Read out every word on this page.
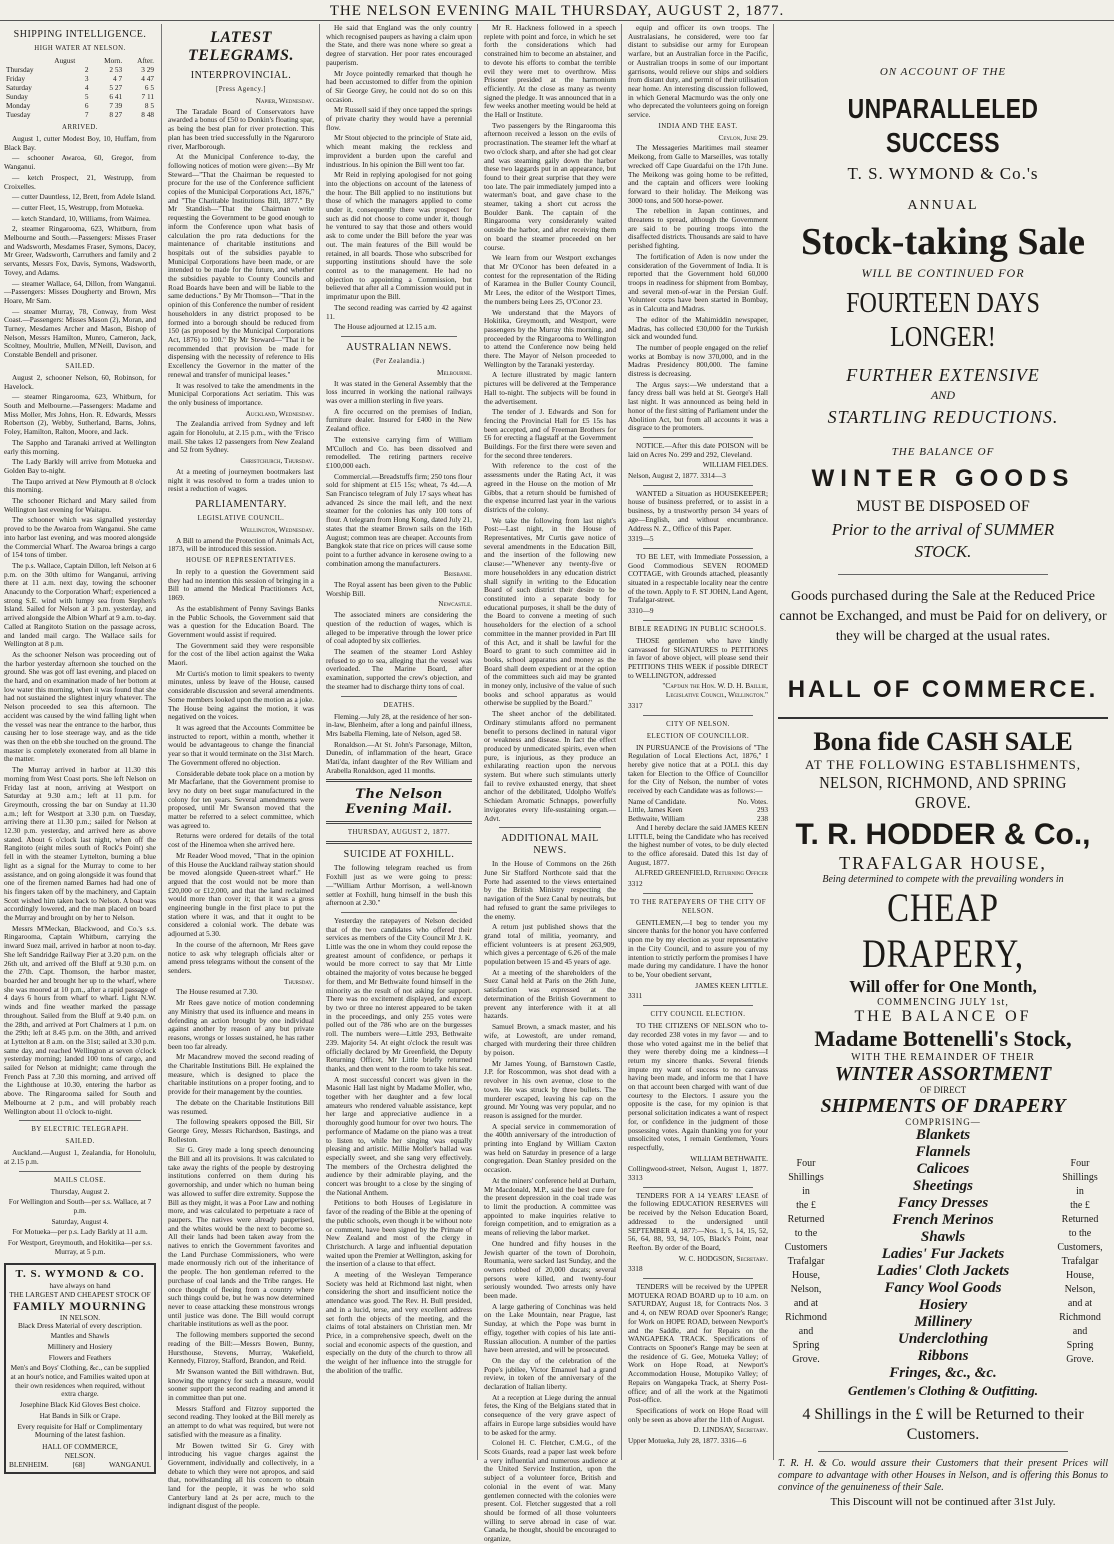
THE NELSON EVENING MAIL THURSDAY, AUGUST 2, 1877.
SHIPPING INTELLIGENCE.
HIGH WATER AT NELSON.
	August	Morn.	After.
Thursday	2	2 53	3 29
Friday	3	4 7	4 47
Saturday	4	5 27	6 5
Sunday	5	6 41	7 11
Monday	6	7 39	8 5
Tuesday	7	8 27	8 48
ARRIVED.

August 1, cutter Modest Boy, 10, Huffam, from Black Bay.

— schooner Awaroa, 60, Gregor, from Wanganui.

— ketch Prospect, 21, Westrupp, from Croixelles.

— cutter Dauntless, 12, Brett, from Adele Island.

— cutter Fleet, 15, Westrupp, from Motueka.

— ketch Standard, 10, Williams, from Waimea.

2, steamer Ringarooma, 623, Whitburn, from Melbourne and South.—Passengers: Misses Fraser and Wadsworth, Mesdames Fraser, Symons, Dacey, Mr Greer, Wadsworth, Carruthers and family and 2 servants, Messrs Fox, Davis, Symons, Wadsworth, Tovey, and Adams.

— steamer Wallace, 64, Dillon, from Wanganui.—Passengers: Misses Dougherty and Brown, Mrs Hoare, Mr Sam.

— steamer Murray, 78, Conway, from West Coast.—Passengers: Misses Mason (2), Moran, and Turney, Mesdames Archer and Mason, Bishop of Nelson, Messrs Hamilton, Munro, Cameron, Jack, Scoltney, Moultrie, Mullen, M'Neill, Davison, and Constable Bendell and prisoner.

SAILED.

August 2, schooner Nelson, 60, Robinson, for Havelock.

— steamer Ringarooma, 623, Whitburn, for South and Melbourne.—Passengers: Madame and Miss Moller, Mrs Johns, Hon. R. Edwards, Messrs Robertson (2), Webby, Sutherland, Barns, Johns, Foley, Hamilton, Ralton, Moore, and Jack.

The Sappho and Taranaki arrived at Wellington early this morning.

The Lady Barkly will arrive from Motueka and Golden Bay to-night.

The Taupo arrived at New Plymouth at 8 o'clock this morning.

The schooner Richard and Mary sailed from Wellington last evening for Waitapu.

The schooner which was signalled yesterday proved to be the Awaroa from Wanganui. She came into harbor last evening, and was moored alongside the Commercial Wharf. The Awaroa brings a cargo of 154 tons of timber.

The p.s. Wallace, Captain Dillon, left Nelson at 6 p.m. on the 30th ultimo for Wanganui, arriving there at 11 a.m. next day, towing the schooner Anacundy to the Corporation Wharf; experienced a strong S.E. wind with lumpy sea from Stephen's Island. Sailed for Nelson at 3 p.m. yesterday, and arrived alongside the Albion Wharf at 9 a.m. to-day. Called at Rangitoto Station on the passage across, and landed mail cargo. The Wallace sails for Wellington at 8 p.m.

As the schooner Nelson was proceeding out of the harbor yesterday afternoon she touched on the ground. She was got off last evening, and placed on the hard, and on examination made of her bottom at low water this morning, when it was found that she had not sustained the slightest injury whatever. The Nelson proceeded to sea this afternoon. The accident was caused by the wind falling light when the vessel was near the entrance to the harbor, thus causing her to lose steerage way, and as the tide was then on the ebb she touched on the ground. The master is completely exonerated from all blame in the matter.

The Murray arrived in harbor at 11.30 this morning from West Coast ports. She left Nelson on Friday last at noon, arriving at Westport on Saturday at 9.30 a.m.; left at 11 p.m. for Greymouth, crossing the bar on Sunday at 11.30 a.m.; left for Westport at 3.30 p.m. on Tuesday, arriving there at 11.30 p.m.; sailed for Nelson at 12.30 p.m. yesterday, and arrived here as above stated. About 6 o'clock last night, when off the Rangitoto (eight miles south of Rock's Point) she fell in with the steamer Lyttelton, burning a blue light as a signal for the Murray to come to her assistance, and on going alongside it was found that one of the firemen named Barnes had had one of his fingers taken off by the machinery, and Captain Scott wished him taken back to Nelson. A boat was accordingly lowered, and the man placed on board the Murray and brought on by her to Nelson.

Messrs M'Meckan, Blackwood, and Co.'s s.s. Ringarooma, Captain Whitburn, carrying the inward Suez mail, arrived in harbor at noon to-day. She left Sandridge Railway Pier at 3.20 p.m. on the 26th ult, and arrived off the Bluff at 9.30 p.m. on the 27th. Capt. Thomson, the harbor master, boarded her and brought her up to the wharf, where she was moored at 10 p.m., after a rapid passage of 4 days 6 hours from wharf to wharf. Light N.W. winds and fine weather marked the passage throughout. Sailed from the Bluff at 9.40 p.m. on the 28th, and arrived at Port Chalmers at 1 p.m. on the 29th; left at 8.45 p.m. on the 30th, and arrived at Lyttelton at 8 a.m. on the 31st; sailed at 3.30 p.m. same day, and reached Wellington at seven o'clock yesterday morning; landed 100 tons of cargo, and sailed for Nelson at midnight; came through the French Pass at 7.30 this morning, and arrived off the Lighthouse at 10.30, entering the harbor as above. The Ringarooma sailed for South and Melbourne at 2 p.m., and will probably reach Wellington about 11 o'clock to-night.

BY ELECTRIC TELEGRAPH.
SAILED.

Auckland.—August 1, Zealandia, for Honolulu, at 2.15 p.m.

MAILS CLOSE.

Thursday, August 2.

For Wellington and South—per s.s. Wallace, at 7 p.m.

Saturday, August 4.

For Motueka—per p.s. Lady Barkly at 11 a.m.

For Westport, Greymouth, and Hokitika—per s.s. Murray, at 5 p.m.

T. S. WYMOND & CO.
have always on hand
THE LARGEST AND CHEAPEST STOCK OF
FAMILY MOURNING
IN NELSON.

Black Dress Material of every description.

Mantles and Shawls

Millinery and Hosiery

Flowers and Feathers

Men's and Boys' Clothing, &c., can be supplied at an hour's notice, and Families waited upon at their own residences when required, without extra charge.

Josephine Black Kid Gloves Best choice.

Hat Bands in Silk or Crape.

Every requisite for Half or Complimentary Mourning of the latest fashion.

HALL OF COMMERCE,
NELSON.
BLENHEIM.	[68]	WANGANUI.
LATEST TELEGRAMS.
INTERPROVINCIAL.
[Press Agency.]

Napier, Wednesday.

The Taradale Board of Conservators have awarded a bonus of £50 to Donkin's floating spar, as being the best plan for river protection. This plan has been tried successfully in the Ngaruroro river, Marlborough.

At the Municipal Conference to-day, the following notices of motion were given:—By Mr Steward—"That the Chairman be requested to procure for the use of the Conference sufficient copies of the Municipal Corporations Act, 1876," and "The Charitable Institutions Bill, 1877." By Mr Standish—"That the Chairman write requesting the Government to be good enough to inform the Conference upon what basis of calculation the pro rata deductions for the maintenance of charitable institutions and hospitals out of the subsidies payable to Municipal Corporations have been made, or are intended to be made for the future, and whether the subsidies payable to County Councils and Road Boards have been and will be liable to the same deductions." By Mr Thomson—"That in the opinion of this Conference the number of resident householders in any district proposed to be formed into a borough should be reduced from 150 (as proposed by the Municipal Corporations Act, 1876) to 100." By Mr Steward—"That it be recommended that provision be made for dispensing with the necessity of reference to His Excellency the Governor in the matter of the renewal and transfer of municipal leases."

It was resolved to take the amendments in the Municipal Corporations Act seriatim. This was the only business of importance.

Auckland, Wednesday.

The Zealandia arrived from Sydney and left again for Honolulu, at 2.15 p.m., with the 'Frisco mail. She takes 12 passengers from New Zealand and 52 from Sydney.

Christchurch, Thursday.

At a meeting of journeymen bootmakers last night it was resolved to form a trades union to resist a reduction of wages.

PARLIAMENTARY.
LEGISLATIVE COUNCIL.

Wellington, Wednesday.

A Bill to amend the Protection of Animals Act, 1873, will be introduced this session.

HOUSE OF REPRESENTATIVES.

In reply to a question the Government said they had no intention this session of bringing in a Bill to amend the Medical Practitioners Act, 1869.

As the establishment of Penny Savings Banks in the Public Schools, the Government said that was a question for the Education Board. The Government would assist if required.

The Government said they were responsible for the cost of the libel action against the Waka Maori.

Mr Curtis's motion to limit speakers to twenty minutes, unless by leave of the House, caused considerable discussion and several amendments. Some members looked upon the motion as a joke. The House being against the motion, it was negatived on the voices.

It was agreed that the Accounts Committee be instructed to report, within a month, whether it would be advantageous to change the financial year so that it would terminate on the 31st March. The Government offered no objection.

Considerable debate took place on a motion by Mr Macfarlane, that the Government promise to levy no duty on beet sugar manufactured in the colony for ten years. Several amendments were proposed, until Mr Swanson moved that the matter be referred to a select committee, which was agreed to.

Returns were ordered for details of the total cost of the Hinemoa when she arrived here.

Mr Reader Wood moved, "That in the opinion of this House the Auckland railway station should be moved alongside Queen-street wharf." He argued that the cost would not be more than £20,000 or £12,000, and that the land reclaimed would more than cover it; that it was a gross engineering bungle in the first place to put the station where it was, and that it ought to be considered a colonial work. The debate was adjourned at 5.30.

In the course of the afternoon, Mr Rees gave notice to ask why telegraph officials alter or amend press telegrams without the consent of the senders.

Thursday.

The House resumed at 7.30.

Mr Rees gave notice of motion condemning any Ministry that used its influence and means in defending an action brought by one individual against another by reason of any but private reasons, wrongs or losses sustained, he has rather been too far already.

Mr Macandrew moved the second reading of the Charitable Institutions Bill. He explained the measure, which is designed to place the charitable institutions on a proper footing, and to provide for their management by the counties.

The debate on the Charitable Institutions Bill was resumed.

The following speakers opposed the Bill, Sir George Grey, Messrs Richardson, Bastings, and Rolleston.

Sir G. Grey made a long speech denouncing the Bill and all its provisions. It was calculated to take away the rights of the people by destroying institutions conferred on them during his governorship, and under which no human being was allowed to suffer dire extremity. Suppose the Bill as they might, it was a Poor Law and nothing more, and was calculated to perpetuate a race of paupers. The natives were already pauperised, and the whites would be the next to become so. All their lands had been taken away from the natives to enrich the Government favorites and the Land Purchase Commissioners, who were made enormously rich out of the inheritance of the people. The hon gentleman referred to the purchase of coal lands and the Tribe ranges. He once thought of fleeing from a country where such things could be, but he was now determined never to cease attacking these monstrous wrongs until justice was done. The Bill would corrupt charitable institutions as well as the poor.

The following members supported the second reading of the Bill:—Messrs Bowen, Bunny, Hursthouse, Stevens, Murray, Wakefield, Kennedy, Fitzroy, Stafford, Brandon, and Reid.

Mr Swanson wanted the Bill withdrawn. But, knowing the urgency for such a measure, would sooner support the second reading and amend it in committee than put one.

Messrs Stafford and Fitzroy supported the second reading. They looked at the Bill merely as an attempt to do what was required, but were not satisfied with the measure as a finality.

Mr Bowen twitted Sir G. Grey with introducing his vague charges against the Government, individually and collectively, in a debate to which they were not apropos, and said that, notwithstanding all his concern to obtain land for the people, it was he who sold Canterbury land at 2s per acre, much to the indignant disgust of the people.

He said that England was the only country which recognised paupers as having a claim upon the State, and there was none where so great a degree of starvation. Her poor rates encouraged pauperism.

Mr Joyce pointedly remarked that though he had been accustomed to differ from the opinion of Sir George Grey, he could not do so on this occasion.

Mr Russell said if they once tapped the springs of private charity they would have a perennial flow.

Mr Stout objected to the principle of State aid, which meant making the reckless and improvident a burden upon the careful and industrious. In his opinion the Bill went too far.

Mr Reid in replying apologised for not going into the objections on account of the lateness of the hour. The Bill applied to no institutions but those of which the managers applied to come under it, consequently there was prospect for such as did not choose to come under it, though he ventured to say that those and others would ask to come under the Bill before the year was out. The main features of the Bill would be retained, in all boards. Those who subscribed for supporting institutions should have the sole control as to the management. He had no objection to appointing a Commission, but believed that after all a Commission would put in imprimatur upon the Bill.

The second reading was carried by 42 against 11.

The House adjourned at 12.15 a.m.

AUSTRALIAN NEWS.
(Per Zealandia.)

Melbourne.

It was stated in the General Assembly that the loss incurred in working the national railways was over a million sterling in five years.

A fire occurred on the premises of Indian, furniture dealer. Insured for £400 in the New Zealand office.

The extensive carrying firm of William M'Culloch and Co. has been dissolved and remodelled. The retiring partners receive £100,000 each.

Commercial.—Breadstuffs firm; 250 tons flour sold for shipment at £15 15s; wheat, 7s 4d.—A San Francisco telegram of July 17 says wheat has advanced 2s since the mail left, and the next steamer for the colonies has only 100 tons of flour. A telegram from Hong Kong, dated July 21, states that the steamer Brown sails on the 16th August; common teas are cheaper. Accounts from Bangkok state that rice on prices will cause some point to a further advance in kerosene owing to a combination among the manufacturers.

Brisbane.

The Royal assent has been given to the Public Worship Bill.

Newcastle.

The associated miners are considering the question of the reduction of wages, which is alleged to be imperative through the lower price of coal adopted by six collieries.

The seamen of the steamer Lord Ashley refused to go to sea, alleging that the vessel was overloaded. The Marine Board, after examination, supported the crew's objection, and the steamer had to discharge thirty tons of coal.

DEATHS.

Fleming.—July 28, at the residence of her son-in-law, Blenheim, after a long and painful illness, Mrs Isabella Fleming, late of Nelson, aged 58.

Ronaldson.—At St. John's Parsonage, Milton, Dunedin, of inflammation of the heart, Grace Mati'da, infant daughter of the Rev William and Arabella Ronaldson, aged 11 months.

The Nelson Evening Mail.
THURSDAY, AUGUST 2, 1877.
SUICIDE AT FOXHILL.

The following telegram reached us from Foxhill just as we were going to press:—"William Arthur Morrison, a well-known settler at Foxhill, hung himself in the bush this afternoon at 2.30."

Yesterday the ratepayers of Nelson decided that of the two candidates who offered their services as members of the City Council Mr J. K. Little was the one in whom they could repose the greatest amount of confidence, or perhaps it would be more correct to say that Mr Little obtained the majority of votes because he begged for them, and Mr Bethwaite found himself in the minority as the result of not asking for support. There was no excitement displayed, and except by two or three no interest appeared to be taken in the proceedings, and only 255 votes were polled out of the 786 who are on the burgesses roll. The numbers were—Little 293, Bethwaite 239. Majority 54. At eight o'clock the result was officially declared by Mr Greenfield, the Deputy Returning Officer, Mr Little briefly returned thanks, and then went to the room to take his seat.

A most successful concert was given in the Masonic Hall last night by Madame Moller, who, together with her daughter and a few local amateurs who rendered valuable assistance, kept her large and appreciative audience in a thoroughly good humour for over two hours. The performance of Madame on the piano was a treat to listen to, while her singing was equally pleasing and artistic. Millie Moller's ballad was especially sweet, and she sang very effectively. The members of the Orchestra delighted the audience by their admirable playing, and the concert was brought to a close by the singing of the National Anthem.

Petitions to both Houses of Legislature in favor of the reading of the Bible at the opening of the public schools, even though it be without note or comment, have been signed by the Primate of New Zealand and most of the clergy in Christchurch. A large and influential deputation waited upon the Premier at Wellington, asking for the insertion of a clause to that effect.

A meeting of the Wesleyan Temperance Society was held at Richmond last night, when considering the short and insufficient notice the attendance was good. The Rev. H. Bull presided, and in a lucid, terse, and very excellent address set forth the objects of the meeting, and the claims of total abstainers on Christian men. Mr Price, in a comprehensive speech, dwelt on the social and economic aspects of the question, and especially on the duty of the church to throw all the weight of her influence into the struggle for the abolition of the traffic.

Mr R. Hackness followed in a speech replete with point and force, in which he set forth the considerations which had constrained him to become an abstainer, and to devote his efforts to combat the terrible evil they were met to overthrow. Miss Prisoner presided at the harmonium efficiently. At the close as many as twenty signed the pledge. It was announced that in a few weeks another meeting would be held at the Hall or Institute.

Two passengers by the Ringarooma this afternoon received a lesson on the evils of procrastination. The steamer left the wharf at two o'clock sharp, and after she had got clear and was steaming gaily down the harbor these two laggards put in an appearance, but found to their great surprise that they were too late. The pair immediately jumped into a waterman's boat, and gave chase to the steamer, taking a short cut across the Boulder Bank. The captain of the Ringarooma very considerately waited outside the harbor, and after receiving them on board the steamer proceeded on her course.

We learn from our Westport exchanges that Mr O'Conor has been defeated in a contest for the representation of the Riding of Karamea in the Buller County Council, Mr Lees, the editor of the Westport Times, the numbers being Lees 25, O'Conor 23.

We understand that the Mayors of Hokitika, Greymouth, and Westport, were passengers by the Murray this morning, and proceeded by the Ringarooma to Wellington to attend the Conference now being held there. The Mayor of Nelson proceeded to Wellington by the Taranaki yesterday.

A lecture illustrated by magic lantern pictures will be delivered at the Temperance Hall to-night. The subjects will be found in the advertisement.

The tender of J. Edwards and Son for fencing the Provincial Hall for £5 15s has been accepted, and of Freeman Brothers for £6 for erecting a flagstaff at the Government Buildings. For the first there were seven and for the second three tenderers.

With reference to the cost of the assessments under the Rating Act, it was agreed in the House on the motion of Mr Gibbs, that a return should be furnished of the expense incurred last year in the various districts of the colony.

We take the following from last night's Post:—Last night, in the House of Representatives, Mr Curtis gave notice of several amendments in the Education Bill, and the insertion of the following new clause:—"Whenever any twenty-five or more householders in any education district shall signify in writing to the Education Board of such district their desire to be constituted into a separate body for educational purposes, it shall be the duty of the Board to convene a meeting of such householders for the election of a school committee in the manner provided in Part III of this Act, and it shall be lawful for the Board to grant to such committee aid in books, school apparatus and money as the Board shall deem expedient or at the option of the committees such aid may be granted in money only, inclusive of the value of such books and school apparatus as would otherwise be supplied by the Board."

The sheet anchor of the debilitated. Ordinary stimulants afford no permanent benefit to persons declined in natural vigor or weakness and disease. In fact the effect produced by unmedicated spirits, even when pure, is injurious, as they produce an exhilarating reaction upon the nervous system. But where such stimulants utterly fail to revive exhausted energy, that sheet anchor of the debilitated, Udolpho Wolfe's Schiedam Aromatic Schnapps, powerfully invigorates every life-sustaining organ.—Advt.

ADDITIONAL MAIL NEWS.

In the House of Commons on the 26th June Sir Stafford Northcote said that the Porte had assented to the views entertained by the British Ministry respecting the navigation of the Suez Canal by neutrals, but had refused to grant the same privileges to the enemy.

A return just published shows that the grand total of militia, yeomanry, and efficient volunteers is at present 263,909, which gives a percentage of 6.26 of the male population between 15 and 45 years of age.

At a meeting of the shareholders of the Suez Canal held at Paris on the 26th June, satisfaction was expressed at the determination of the British Government to prevent any interference with it at all hazards.

Samuel Brown, a smack master, and his wife, at Lowestoft, are under remand, charged with murdering their three children by poison.

Mr James Young, of Barnstown Castle, J.P. for Roscommon, was shot dead with a revolver in his own avenue, close to the town. He was struck by three bullets. The murderer escaped, leaving his cap on the ground. Mr Young was very popular, and no reason is assigned for the murder.

A special service in commemoration of the 400th anniversary of the introduction of printing into England by William Caxton was held on Saturday in presence of a large congregation. Dean Stanley presided on the occasion.

At the miners' conference held at Durham, Mr Macdonald, M.P., said the best cure for the present depression in the coal trade was to limit the production. A committee was appointed to make inquiries relative to foreign competition, and to emigration as a means of relieving the labor market.

One hundred and fifty houses in the Jewish quarter of the town of Dorohoin, Roumania, were sacked last Sunday, and the owners robbed of 20,000 ducats; several persons were killed, and twenty-four seriously wounded. Two arrests only have been made.

A large gathering of Conchinas was held on the Lake Mountain, near Prague, last Sunday, at which the Pope was burnt in effigy, together with copies of his late anti-Russian allocution. A number of the parties have been arrested, and will be prosecuted.

On the day of the celebration of the Pope's jubilee, Victor Emanuel had a grand review, in token of the anniversary of the declaration of Italian liberty.

At a reception at Liege during the annual fetes, the King of the Belgians stated that in consequence of the very grave aspect of affairs in Europe large subsidies would have to be asked for the army.

Colonel H. C. Fletcher, C.M.G., of the Scots Guards, read a paper last week before a very influential and numerous audience at the United Service Institution, upon the subject of a volunteer force, British and colonial in the event of war. Many gentlemen connected with the colonies were present. Col. Fletcher suggested that a roll should be formed of all those volunteers willing to serve abroad in case of war. Canada, he thought, should be encouraged to organize,

equip and officer its own troops. The Australasians, he considered, were too far distant to subsidise our army for European warfare, but an Australian force in the Pacific, or Australian troops in some of our important garrisons, would relieve our ships and soldiers from distant duty, and permit of their utilisation near home. An interesting discussion followed, in which General Macmurdo was the only one who deprecated the volunteers going on foreign service.

INDIA AND THE EAST.

Ceylon, June 29.

The Messageries Maritimes mail steamer Meikong, from Galle to Marseilles, was totally wrecked off Cape Guardafui on the 17th June. The Meikong was going home to be refitted, and the captain and officers were looking forward to their holiday. The Meikong was 3000 tons, and 500 horse-power.

The rebellion in Japan continues, and threatens to spread, although the Government are said to be pouring troops into the disaffected districts. Thousands are said to have perished fighting.

The fortification of Aden is now under the consideration of the Government of India. It is reported that the Government hold 60,000 troops in readiness for shipment from Bombay, and several men-of-war in the Persian Gulf. Volunteer corps have been started in Bombay, as in Calcutta and Madras.

The editor of the Mahimiddin newspaper, Madras, has collected £30,000 for the Turkish sick and wounded fund.

The number of people engaged on the relief works at Bombay is now 370,000, and in the Madras Presidency 800,000. The famine distress is decreasing.

The Argus says:—We understand that a fancy dress ball was held at St. George's Hall last night. It was announced as being held in honor of the first sitting of Parliament under the Abolition Act, but from all accounts it was a disgrace to the promoters.

NOTICE.—After this date POISON will be laid on Acres No. 299 and 292, Cleveland.

WILLIAM FIELDES.

Nelson, August 2, 1877. 3314—3

WANTED a Situation as HOUSEKEEPER; house of business preferred, or to assist in a business, by a trustworthy person 34 years of age—English, and without encumbrance. Address N. Z., Office of this Paper.

3319—5

TO BE LET, with Immediate Possession, a Good Commodious SEVEN ROOMED COTTAGE, with Grounds attached, pleasantly situated in a respectable locality near the centre of the town. Apply to F. ST JOHN, Land Agent, Trafalgar-street.

3310—9

BIBLE READING IN PUBLIC SCHOOLS.

THOSE gentlemen who have kindly canvassed for SIGNATURES to PETITIONS in favor of above object, will please send their PETITIONS THIS WEEK if possible DIRECT to WELLINGTON, addressed

"Captain the Hon. W. D. H. Baillie, Legislative Council, Wellington."

3317

CITY OF NELSON.
ELECTION OF COUNCILLOR.

IN PURSUANCE of the Provisions of "The Regulation of Local Elections Act, 1876," I hereby give notice that at a POLL this day taken for Election to the Office of Councillor for the City of Nelson, the number of votes received by each Candidate was as follows:—

Name of Candidate.	No. Votes.
Little, James Keen	293
Bethwaite, William	238

And I hereby declare the said JAMES KEEN LITTLE, being the Candidate who has received the highest number of votes, to be duly elected to the office aforesaid. Dated this 1st day of August, 1877.

ALFRED GREENFIELD, Returning Officer

3312

TO THE RATEPAYERS OF THE CITY OF NELSON.

GENTLEMEN,—I beg to tender you my sincere thanks for the honor you have conferred upon me by my election as your representative in the City Council, and to assure you of my intention to strictly perform the promises I have made during my candidature. I have the honor to be, Your obedient servant,

JAMES KEEN LITTLE.

3311

CITY COUNCIL ELECTION.

TO THE CITIZENS OF NELSON who to-day recorded 238 votes in my favor — and to those who voted against me in the belief that they were thereby doing me a kindness—I return my sincere thanks. Several friends impute my want of success to no canvass having been made, and inform me that I have on that account been charged with want of due courtesy to the Electors. I assure you the opposite is the case, for my opinion is that personal solicitation indicates a want of respect for, or confidence in the judgment of those possessing votes. Again thanking you for your unsolicited votes, I remain Gentlemen, Yours respectfully,

WILLIAM BETHWAITE.

Collingwood-street, Nelson, August 1, 1877. 3313

TENDERS FOR A 14 YEARS' LEASE of the following EDUCATION RESERVES will be received by the Nelson Education Board, addressed to the undersigned until SEPTEMBER 4, 1877:—Nos. 1, 5, 14, 15, 52, 56, 64, 88, 93, 94, 105, Black's Point, near Reefton. By order of the Board,

W. C. HODGSON, Secretary.

3318

TENDERS will be received by the UPPER MOTUEKA ROAD BOARD up to 10 a.m. on SATURDAY, August 18, for Contracts Nos. 3 and 4, on NEW ROAD over Spooner's Range; for Work on HOPE ROAD, between Newport's and the Saddle, and for Repairs on the WANGAPEKA TRACK. Specifications of Contracts on Spooner's Range may be seen at the residence of G. Gee, Motueka Valley; of Work on Hope Road, at Newport's Accommodation House, Motupiko Valley; of Repairs on Wangapeka Track, at Sherry Post-office; and of all the work at the Ngatimoti Post-office.

Specifications of work on Hope Road will only be seen as above after the 11th of August.

D. LINDSAY, Secretary.

Upper Motueka, July 28, 1877. 3316—6

ON ACCOUNT OF THE

UNPARALLELED SUCCESS

T. S. WYMOND & Co.'s

ANNUAL

Stock-taking Sale

WILL BE CONTINUED FOR

FOURTEEN DAYS LONGER!

FURTHER EXTENSIVE

AND

STARTLING REDUCTIONS.

THE BALANCE OF

WINTER GOODS

MUST BE DISPOSED OF

Prior to the arrival of SUMMER

STOCK.

Goods purchased during the Sale at the Reduced Price cannot be Exchanged, and must be Paid for on delivery, or they will be charged at the usual rates.

HALL OF COMMERCE.

Bona fide CASH SALE

AT THE FOLLOWING ESTABLISHMENTS,

NELSON, RICHMOND, AND SPRING GROVE.

T. R. HODDER & Co.,

TRAFALGAR HOUSE,

Being determined to compete with the prevailing wonders in

CHEAP DRAPERY,

Will offer for One Month,

COMMENCING JULY 1st,

THE BALANCE OF

Madame Bottenelli's Stock,

WITH THE REMAINDER OF THEIR

WINTER ASSORTMENT

OF DIRECT

SHIPMENTS OF DRAPERY

COMPRISING—

Four
Shillings
in
the £
Returned
to the
Customers
Trafalgar
House,
Nelson,
and at
Richmond
and
Spring Grove.

Blankets

Flannels

Calicoes

Sheetings

Fancy Dresses

French Merinos

Shawls

Ladies' Fur Jackets

Ladies' Cloth Jackets

Fancy Wool Goods

Hosiery

Millinery

Underclothing

Ribbons

Fringes, &c., &c.

Gentlemen's Clothing & Outfitting.

Four
Shillings
in
the £
Returned
to the
Customers,
Trafalgar
House,
Nelson,
and at
Richmond
and
Spring Grove.

4 Shillings in the £ will be Returned to their Customers.

T. R. H. & Co. would assure their Customers that their present Prices will compare to advantage with other Houses in Nelson, and is offering this Bonus to convince of the genuineness of their Sale.

This Discount will not be continued after 31st July.
